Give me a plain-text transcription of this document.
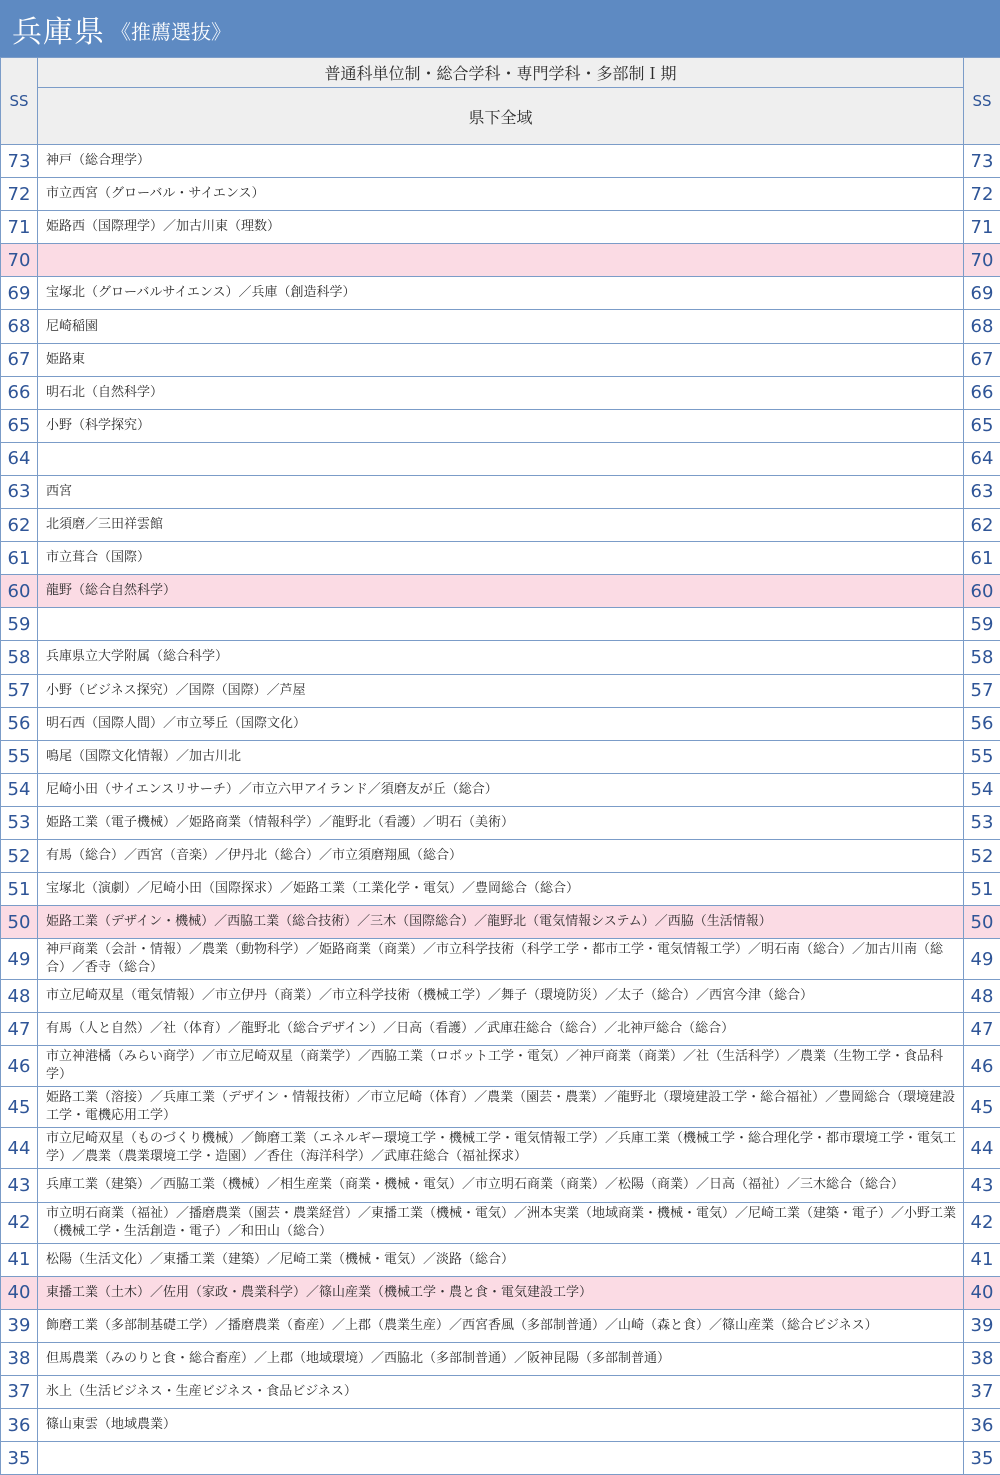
兵庫県 《推薦選抜》
SS	普通科単位制・総合学科・専門学科・多部制Ｉ期	SS
	県下全域	
73	神戸（総合理学）	73
72	市立西宮（グローバル・サイエンス）	72
71	姫路西（国際理学）／加古川東（理数）	71
70		70
69	宝塚北（グローバルサイエンス）／兵庫（創造科学）	69
68	尼崎稲園	68
67	姫路東	67
66	明石北（自然科学）	66
65	小野（科学探究）	65
64		64
63	西宮	63
62	北須磨／三田祥雲館	62
61	市立葺合（国際）	61
60	龍野（総合自然科学）	60
59		59
58	兵庫県立大学附属（総合科学）	58
57	小野（ビジネス探究）／国際（国際）／芦屋	57
56	明石西（国際人間）／市立琴丘（国際文化）	56
55	鳴尾（国際文化情報）／加古川北	55
54	尼崎小田（サイエンスリサーチ）／市立六甲アイランド／須磨友が丘（総合）	54
53	姫路工業（電子機械）／姫路商業（情報科学）／龍野北（看護）／明石（美術）	53
52	有馬（総合）／西宮（音楽）／伊丹北（総合）／市立須磨翔風（総合）	52
51	宝塚北（演劇）／尼崎小田（国際探求）／姫路工業（工業化学・電気）／豊岡総合（総合）	51
50	姫路工業（デザイン・機械）／西脇工業（総合技術）／三木（国際総合）／龍野北（電気情報システム）／西脇（生活情報）	50
49	神戸商業（会計・情報）／農業（動物科学）／姫路商業（商業）／市立科学技術（科学工学・都市工学・電気情報工学）／明石南（総合）／加古川南（総合）／香寺（総合）	49
48	市立尼崎双星（電気情報）／市立伊丹（商業）／市立科学技術（機械工学）／舞子（環境防災）／太子（総合）／西宮今津（総合）	48
47	有馬（人と自然）／社（体育）／龍野北（総合デザイン）／日高（看護）／武庫荘総合（総合）／北神戸総合（総合）	47
46	市立神港橘（みらい商学）／市立尼崎双星（商業学）／西脇工業（ロボット工学・電気）／神戸商業（商業）／社（生活科学）／農業（生物工学・食品科学）	46
45	姫路工業（溶接）／兵庫工業（デザイン・情報技術）／市立尼崎（体育）／農業（園芸・農業）／龍野北（環境建設工学・総合福祉）／豊岡総合（環境建設工学・電機応用工学）	45
44	市立尼崎双星（ものづくり機械）／飾磨工業（エネルギー環境工学・機械工学・電気情報工学）／兵庫工業（機械工学・総合理化学・都市環境工学・電気工学）／農業（農業環境工学・造園）／香住（海洋科学）／武庫荘総合（福祉探求）	44
43	兵庫工業（建築）／西脇工業（機械）／相生産業（商業・機械・電気）／市立明石商業（商業）／松陽（商業）／日高（福祉）／三木総合（総合）	43
42	市立明石商業（福祉）／播磨農業（園芸・農業経営）／東播工業（機械・電気）／洲本実業（地域商業・機械・電気）／尼崎工業（建築・電子）／小野工業（機械工学・生活創造・電子）／和田山（総合）	42
41	松陽（生活文化）／東播工業（建築）／尼崎工業（機械・電気）／淡路（総合）	41
40	東播工業（土木）／佐用（家政・農業科学）／篠山産業（機械工学・農と食・電気建設工学）	40
39	飾磨工業（多部制基礎工学）／播磨農業（畜産）／上郡（農業生産）／西宮香風（多部制普通）／山崎（森と食）／篠山産業（総合ビジネス）	39
38	但馬農業（みのりと食・総合畜産）／上郡（地域環境）／西脇北（多部制普通）／阪神昆陽（多部制普通）	38
37	氷上（生活ビジネス・生産ビジネス・食品ビジネス）	37
36	篠山東雲（地域農業）	36
35		35
